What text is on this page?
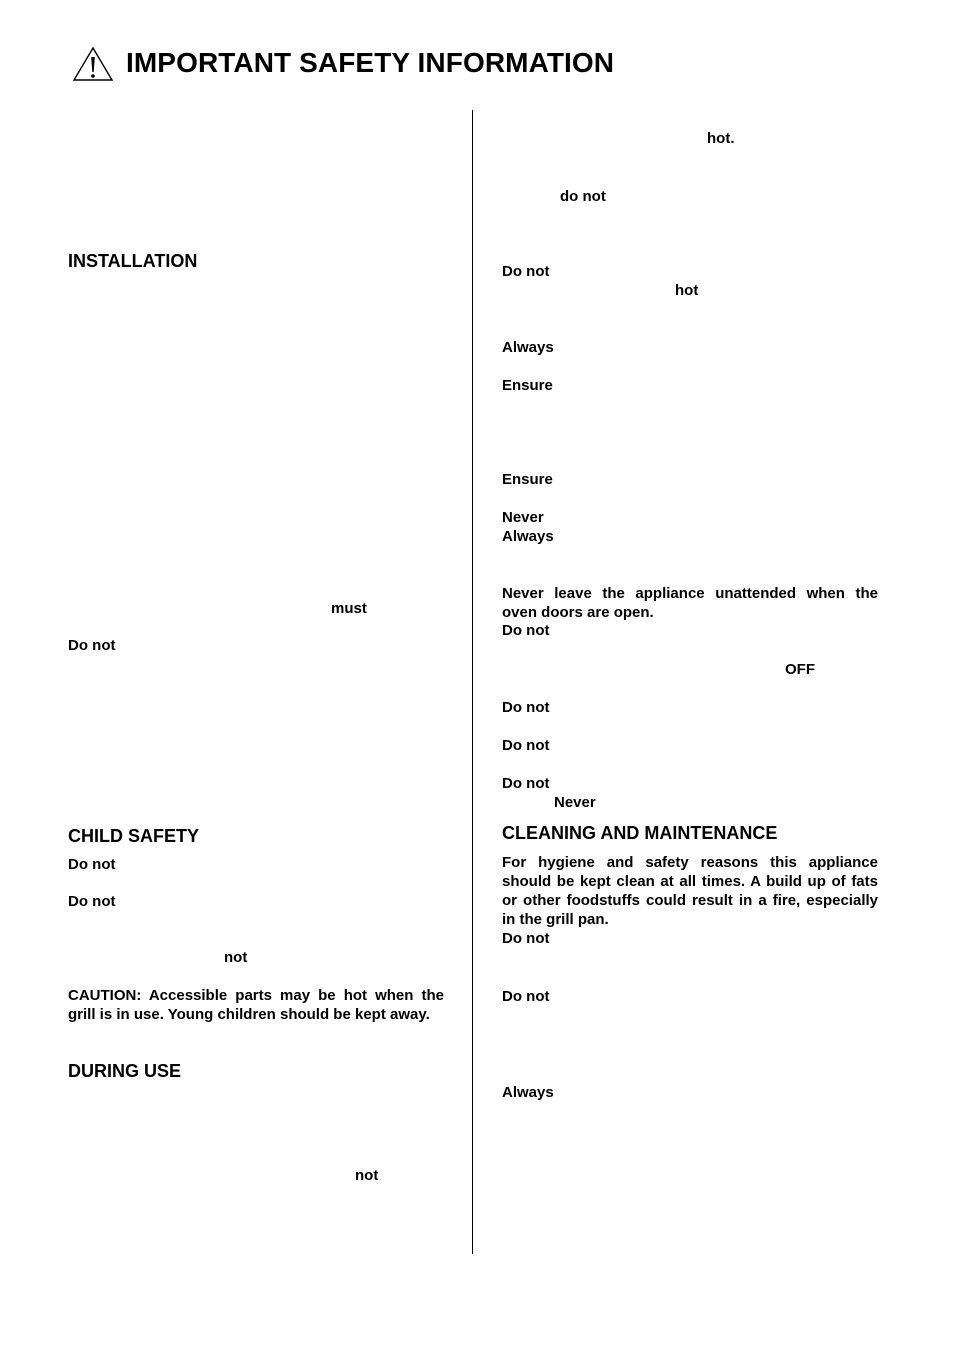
IMPORTANT SAFETY INFORMATION
INSTALLATION
must
Do not
CHILD SAFETY
Do not
Do not
not
CAUTION: Accessible parts may be hot when the grill is in use. Young children should be kept away.
DURING USE
not
hot.
do not
Do not
hot
Always
Ensure
Ensure
Never
Always
Never leave the appliance unattended when the oven doors are open.
Do not
OFF
Do not
Do not
Do not
Never
CLEANING AND MAINTENANCE
For hygiene and safety reasons this appliance should be kept clean at all times. A build up of fats or other foodstuffs could result in a fire, especially in the grill pan.
Do not
Do not
Always
